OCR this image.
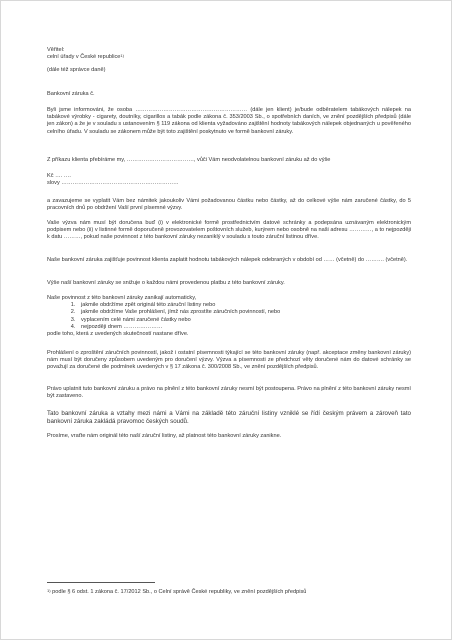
Věřitel:

celní úřady v České republice$^{1)}$

(dále též správce daně)

Bankovní záruka č.
Byli jsme informováni, že osoba …………………………………………………… (dále jen klient) je/bude odběratelem tabákových nálepek na tabákové výrobky - cigarety, doutníky, cigarillos a tabák podle zákona č. 353/2003 Sb., o spotřebních daních, ve znění pozdějších předpisů (dále jen zákon) a že je v souladu s ustanovením § 119 zákona od klienta vyžadováno zajištění hodnoty tabákových nálepek objednaných u pověřeného celního úřadu. V souladu se zákonem může být toto zajištění poskytnuto ve formě bankovní záruky.
Z příkazu klienta přebíráme my, ………………………………, vůči Vám neodvolatelnou bankovní záruku až do výše

Kč …. ….

slovy ………………………………………………………

a zavazujeme se vyplatit Vám bez námitek jakoukoliv Vámi požadovanou částku nebo částky, až do celkové výše nám zaručené částky, do 5 pracovních dnů po obdržení Vaší první písemné výzvy.
Vaše výzva nám musí být doručena buď (i) v elektronické formě prostřednictvím datové schránky a podepsána uznávaným elektronickým podpisem nebo (ii) v listinné formě doporučeně provozovatelem poštovních služeb, kurýrem nebo osobně na naši adresu …………, a to nejpozději k datu ………, pokud naše povinnost z této bankovní záruky nezaniklý v souladu s touto záruční listinou dříve.
Naše bankovní záruka zajišťuje povinnost klienta zaplatit hodnotu tabákových nálepek odebraných v období od …… (včetně) do ………. (včetně).
Výše naší bankovní záruky se snižuje o každou námi provedenou platbu z této bankovní záruky.

Naše povinnost z této bankovní záruky zanikají automaticky,

1. jakmile obdržíme zpět originál této záruční listiny nebo
2. jakmile obdržíme Vaše prohlášení, jímž nás zprostíte záručních povinností, nebo
3. vyplacením celé námi zaručené částky nebo
4. nejpozději dnem …………………

podle toho, která z uvedených skutečností nastane dříve.

Prohlášení o zproštění záručních povinností, jakož i ostatní písemnosti týkající se této bankovní záruky (např. akceptace změny bankovní záruky) nám musí být doručeny způsobem uvedeným pro doručení výzvy. Výzva a písemnosti ze předchozí věty doručené nám do datové schránky se považují za doručené dle podmínek uvedených v § 17 zákona č. 300/2008 Sb., ve znění pozdějších předpisů.
Právo uplatnit tuto bankovní záruku a právo na plnění z této bankovní záruky nesmí být postoupena. Právo na plnění z této bankovní záruky nesmí být zastaveno.
Tato bankovní záruka a vztahy mezi námi a Vámi na základě této záruční listiny vzniklé se řídí českým právem a zároveň tato bankovní záruka zakládá pravomoc českých soudů.
Prosíme, vraťte nám originál této naší záruční listiny, až platnost této bankovní záruky zanikne.
$^{1)}$ podle § 6 odst. 1 zákona č. 17/2012 Sb., o Celní správě České republiky, ve znění pozdějších předpisů
